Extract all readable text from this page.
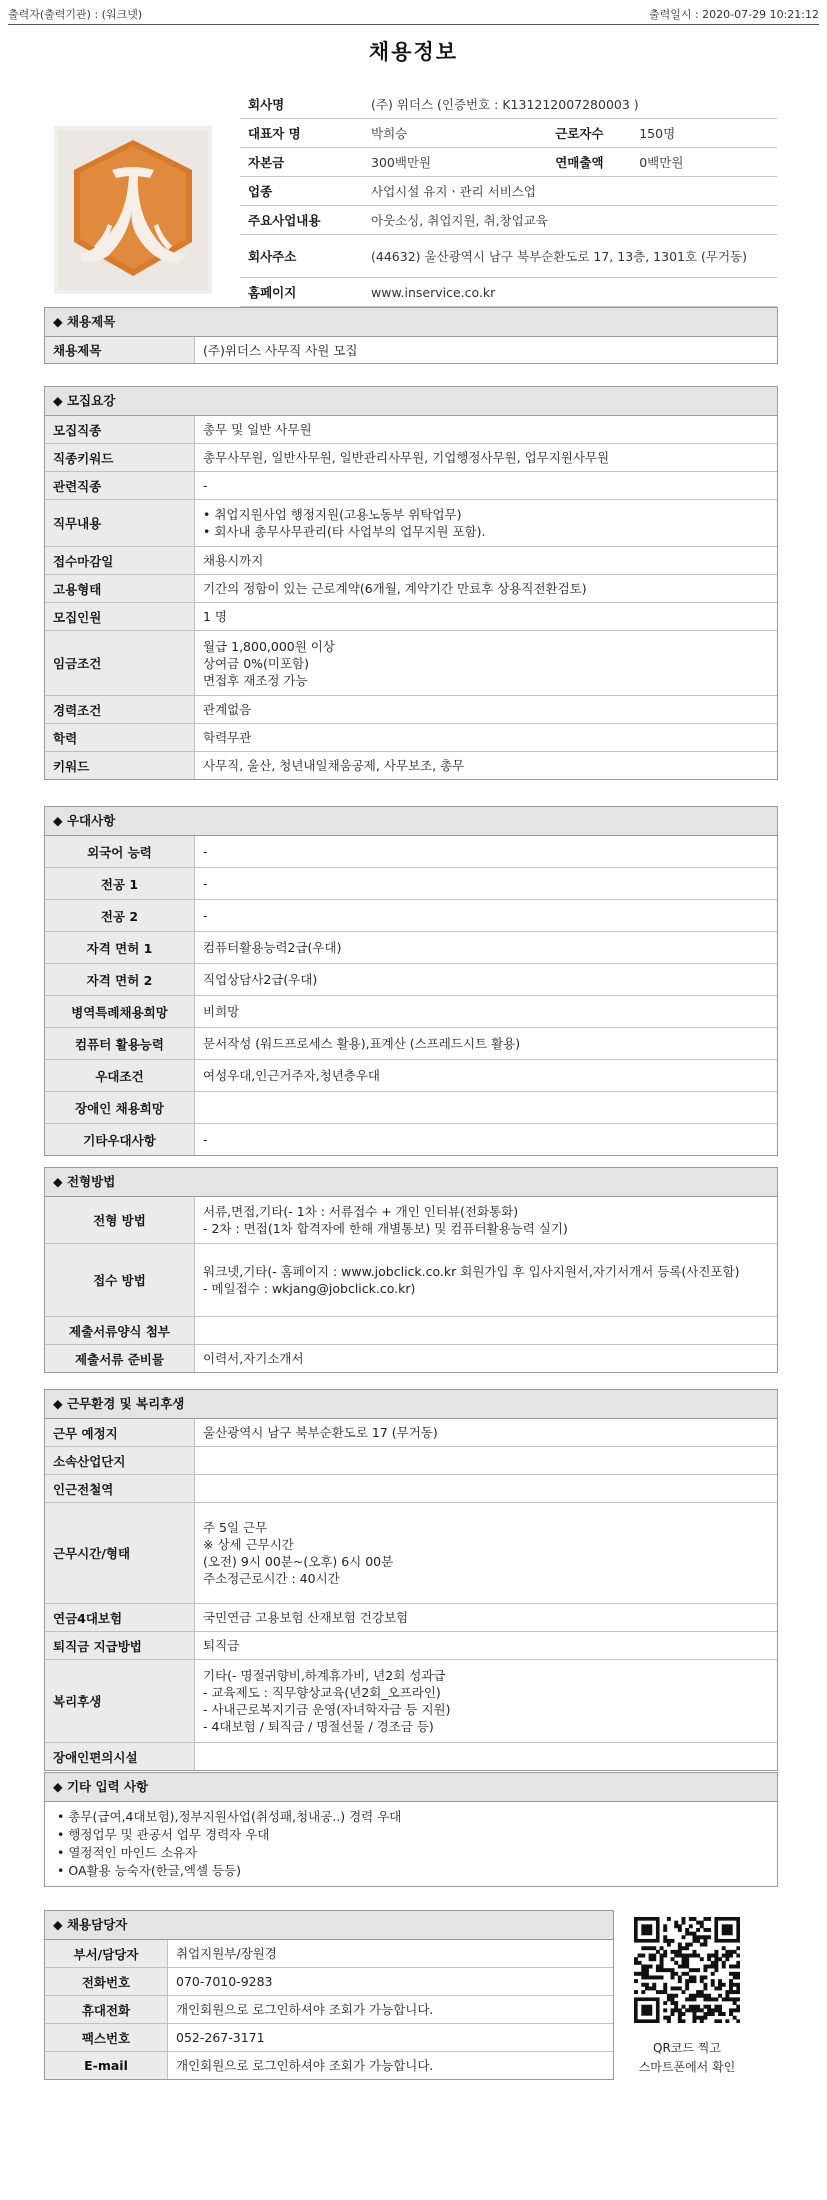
출력자(출력기관) : (워크넷)	출력일시 : 2020-07-29 10:21:12
채용정보
회사명	(주) 위더스 (인증번호 : K131212007280003 )		
대표자 명	박희승	근로자수	150명
자본금	300백만원	연매출액	0백만원
업종	사업시설 유지ㆍ관리 서비스업		
주요사업내용	아웃소싱, 취업지원, 취,창업교육		
회사주소	(44632) 울산광역시 남구 북부순환도로 17, 13층, 1301호 (무거동)		
홈페이지	www.inservice.co.kr		
◆ 채용제목
채용제목	(주)위더스 사무직 사원 모집
◆ 모집요강
모집직종	총무 및 일반 사무원
직종키워드	총무사무원, 일반사무원, 일반관리사무원, 기업행정사무원, 업무지원사무원
관련직종	-
직무내용	• 취업지원사업 행정지원(고용노동부 위탁업무)
• 회사내 총무사무관리(타 사업부의 업무지원 포함).
접수마감일	채용시까지
고용형태	기간의 정함이 있는 근로계약(6개월, 계약기간 만료후 상용직전환검토)
모집인원	1 명
임금조건	월급 1,800,000원 이상
상여금 0%(미포함)
면접후 재조정 가능
경력조건	관계없음
학력	학력무관
키워드	사무직, 울산, 청년내일채움공제, 사무보조, 총무
◆ 우대사항
외국어 능력	-
전공 1	-
전공 2	-
자격 면허 1	컴퓨터활용능력2급(우대)
자격 면허 2	직업상담사2급(우대)
병역특례채용희망	비희망
컴퓨터 활용능력	문서작성 (워드프로세스 활용),표계산 (스프레드시트 활용)
우대조건	여성우대,인근거주자,청년층우대
장애인 채용희망	
기타우대사항	-
◆ 전형방법
전형 방법	서류,면접,기타(- 1차 : 서류접수 + 개인 인터뷰(전화통화)
- 2차 : 면접(1차 합격자에 한해 개별통보) 및 컴퓨터활용능력 실기)
접수 방법	워크넷,기타(- 홈페이지 : www.jobclick.co.kr 회원가입 후 입사지원서,자기서개서 등록(사진포함)
- 메일접수 : wkjang@jobclick.co.kr)
제출서류양식 첨부	
제출서류 준비물	이력서,자기소개서
◆ 근무환경 및 복리후생
근무 예정지	울산광역시 남구 북부순환도로 17 (무거동)
소속산업단지	
인근전철역	
근무시간/형태	주 5일 근무
※ 상세 근무시간
(오전) 9시 00분~(오후) 6시 00분
주소정근로시간 : 40시간
연금4대보험	국민연금 고용보험 산재보험 건강보험
퇴직금 지급방법	퇴직금
복리후생	기타(- 명절귀향비,하계휴가비, 년2회 성과급
- 교육제도 : 직무향상교육(년2회_오프라인)
- 사내근로복지기금 운영(자녀학자금 등 지원)
- 4대보험 / 퇴직금 / 명절선물 / 경조금 등)
장애인편의시설	
◆ 기타 입력 사항
• 총무(급여,4대보험),정부지원사업(취성패,청내공..) 경력 우대
• 행정업무 및 관공서 업무 경력자 우대
• 열정적인 마인드 소유자
• OA활용 능숙자(한글,엑셀 등등)
◆ 채용담당자
부서/담당자	취업지원부/장원경
전화번호	070-7010-9283
휴대전화	개인회원으로 로그인하셔야 조회가 가능합니다.
팩스번호	052-267-3171
E-mail	개인회원으로 로그인하셔야 조회가 가능합니다.
QR코드 찍고
스마트폰에서 확인
